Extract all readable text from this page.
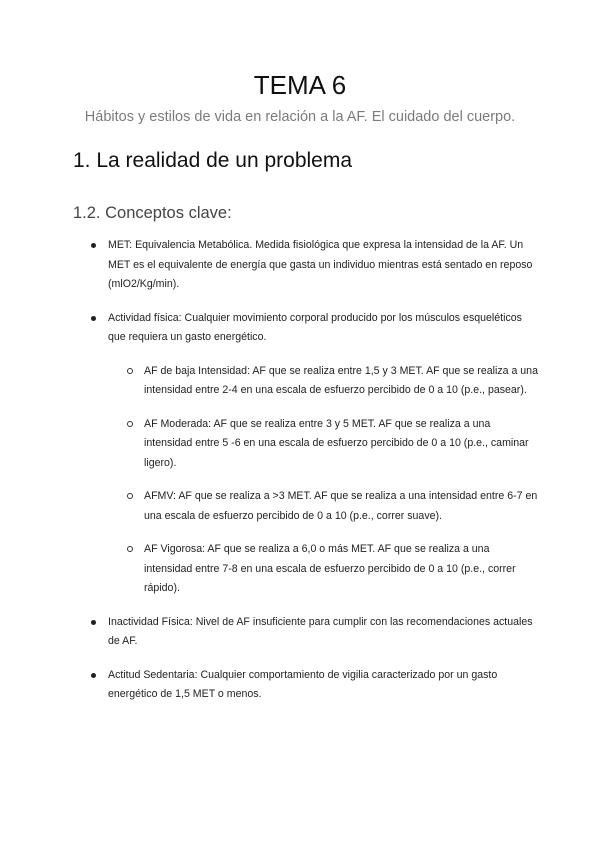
TEMA 6

Hábitos y estilos de vida en relación a la AF. El cuidado del cuerpo.

1. La realidad de un problema
1.2. Conceptos clave:
MET: Equivalencia Metabólica. Medida fisiológica que expresa la intensidad de la AF. Un MET es el equivalente de energía que gasta un individuo mientras está sentado en reposo (mlO2/Kg/min).
Actividad física: Cualquier movimiento corporal producido por los músculos esqueléticos que requiera un gasto energético.
AF de baja Intensidad: AF que se realiza entre 1,5 y 3 MET. AF que se realiza a una intensidad entre 2-4 en una escala de esfuerzo percibido de 0 a 10 (p.e., pasear).
AF Moderada: AF que se realiza entre 3 y 5 MET. AF que se realiza a una intensidad entre 5 -6 en una escala de esfuerzo percibido de 0 a 10 (p.e., caminar ligero).
AFMV: AF que se realiza a >3 MET. AF que se realiza a una intensidad entre 6-7 en una escala de esfuerzo percibido de 0 a 10 (p.e., correr suave).
AF Vigorosa: AF que se realiza a 6,0 o más MET. AF que se realiza a una intensidad entre 7-8 en una escala de esfuerzo percibido de 0 a 10 (p.e., correr rápido).
Inactividad Física: Nivel de AF insuficiente para cumplir con las recomendaciones actuales de AF.
Actitud Sedentaria: Cualquier comportamiento de vigilia caracterizado por un gasto energético de 1,5 MET o menos.
